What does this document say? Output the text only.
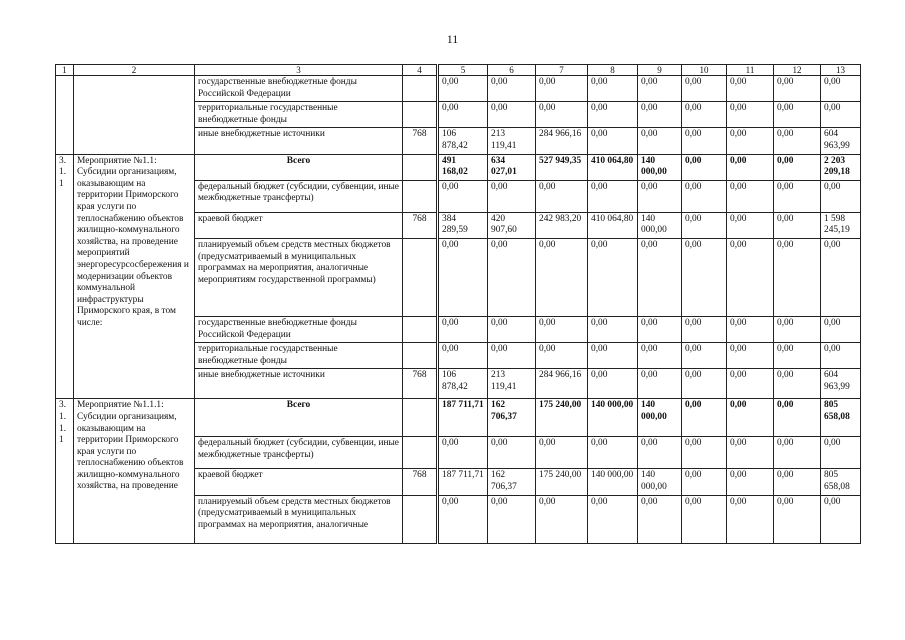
11
1	2	3	4	5	6	7	8	9	10	11	12	13
		государственные внебюджетные фонды Российской Федерации		0,00	0,00	0,00	0,00	0,00	0,00	0,00	0,00	0,00
		территориальные государственные внебюджетные фонды		0,00	0,00	0,00	0,00	0,00	0,00	0,00	0,00	0,00
		иные внебюджетные источники	768	106 878,42	213 119,41	284 966,16	0,00	0,00	0,00	0,00	0,00	604 963,99
3.1.1	Мероприятие №1.1: Субсидии организациям, оказывающим на территории Приморского края услуги по теплоснабжению объектов жилищно-коммунального хозяйства, на проведение мероприятий энергоресурсосбережения и модернизации объектов коммунальной инфраструктуры Приморского края, в том числе:	Всего		491 168,02	634 027,01	527 949,35	410 064,80	140 000,00	0,00	0,00	0,00	2 203 209,18
		федеральный бюджет (субсидии, субвенции, иные межбюджетные трансферты)		0,00	0,00	0,00	0,00	0,00	0,00	0,00	0,00	0,00
		краевой бюджет	768	384 289,59	420 907,60	242 983,20	410 064,80	140 000,00	0,00	0,00	0,00	1 598 245,19
		планируемый объем средств местных бюджетов (предусматриваемый в муниципальных программах на мероприятия, аналогичные мероприятиям государственной программы)		0,00	0,00	0,00	0,00	0,00	0,00	0,00	0,00	0,00
		государственные внебюджетные фонды Российской Федерации		0,00	0,00	0,00	0,00	0,00	0,00	0,00	0,00	0,00
		территориальные государственные внебюджетные фонды		0,00	0,00	0,00	0,00	0,00	0,00	0,00	0,00	0,00
		иные внебюджетные источники	768	106 878,42	213 119,41	284 966,16	0,00	0,00	0,00	0,00	0,00	604 963,99
3.1.1.1	Мероприятие №1.1.1: Субсидии организациям, оказывающим на территории Приморского края услуги по теплоснабжению объектов жилищно-коммунального хозяйства, на проведение	Всего		187 711,71	162 706,37	175 240,00	140 000,00	140 000,00	0,00	0,00	0,00	805 658,08
		федеральный бюджет (субсидии, субвенции, иные межбюджетные трансферты)		0,00	0,00	0,00	0,00	0,00	0,00	0,00	0,00	0,00
		краевой бюджет	768	187 711,71	162 706,37	175 240,00	140 000,00	140 000,00	0,00	0,00	0,00	805 658,08
		планируемый объем средств местных бюджетов (предусматриваемый в муниципальных программах на мероприятия, аналогичные		0,00	0,00	0,00	0,00	0,00	0,00	0,00	0,00	0,00
